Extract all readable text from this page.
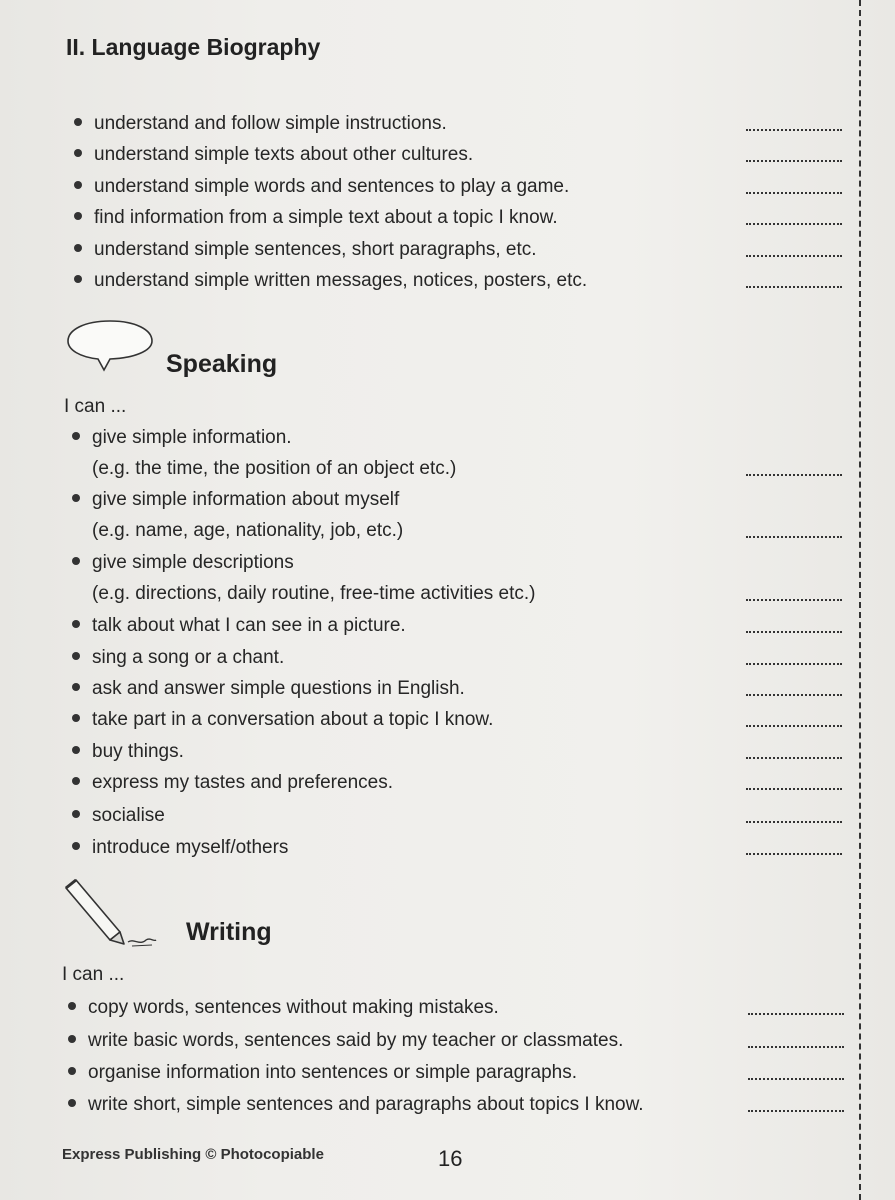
II. Language Biography
understand and follow simple instructions.
understand simple texts about other cultures.
understand simple words and sentences to play a game.
find information from a simple text about a topic I know.
understand simple sentences, short paragraphs, etc.
understand simple written messages, notices, posters, etc.
Speaking
I can ...
give simple information.
(e.g. the time, the position of an object etc.)
give simple information about myself
(e.g. name, age, nationality, job, etc.)
give simple descriptions
(e.g. directions, daily routine, free-time activities etc.)
talk about what I can see in a picture.
sing a song or a chant.
ask and answer simple questions in English.
take part in a conversation about a topic I know.
buy things.
express my tastes and preferences.
socialise
introduce myself/others
Writing
I can ...
copy words, sentences without making mistakes.
write basic words, sentences said by my teacher or classmates.
organise information into sentences or simple paragraphs.
write short, simple sentences and paragraphs about topics I know.
Express Publishing © Photocopiable	16
